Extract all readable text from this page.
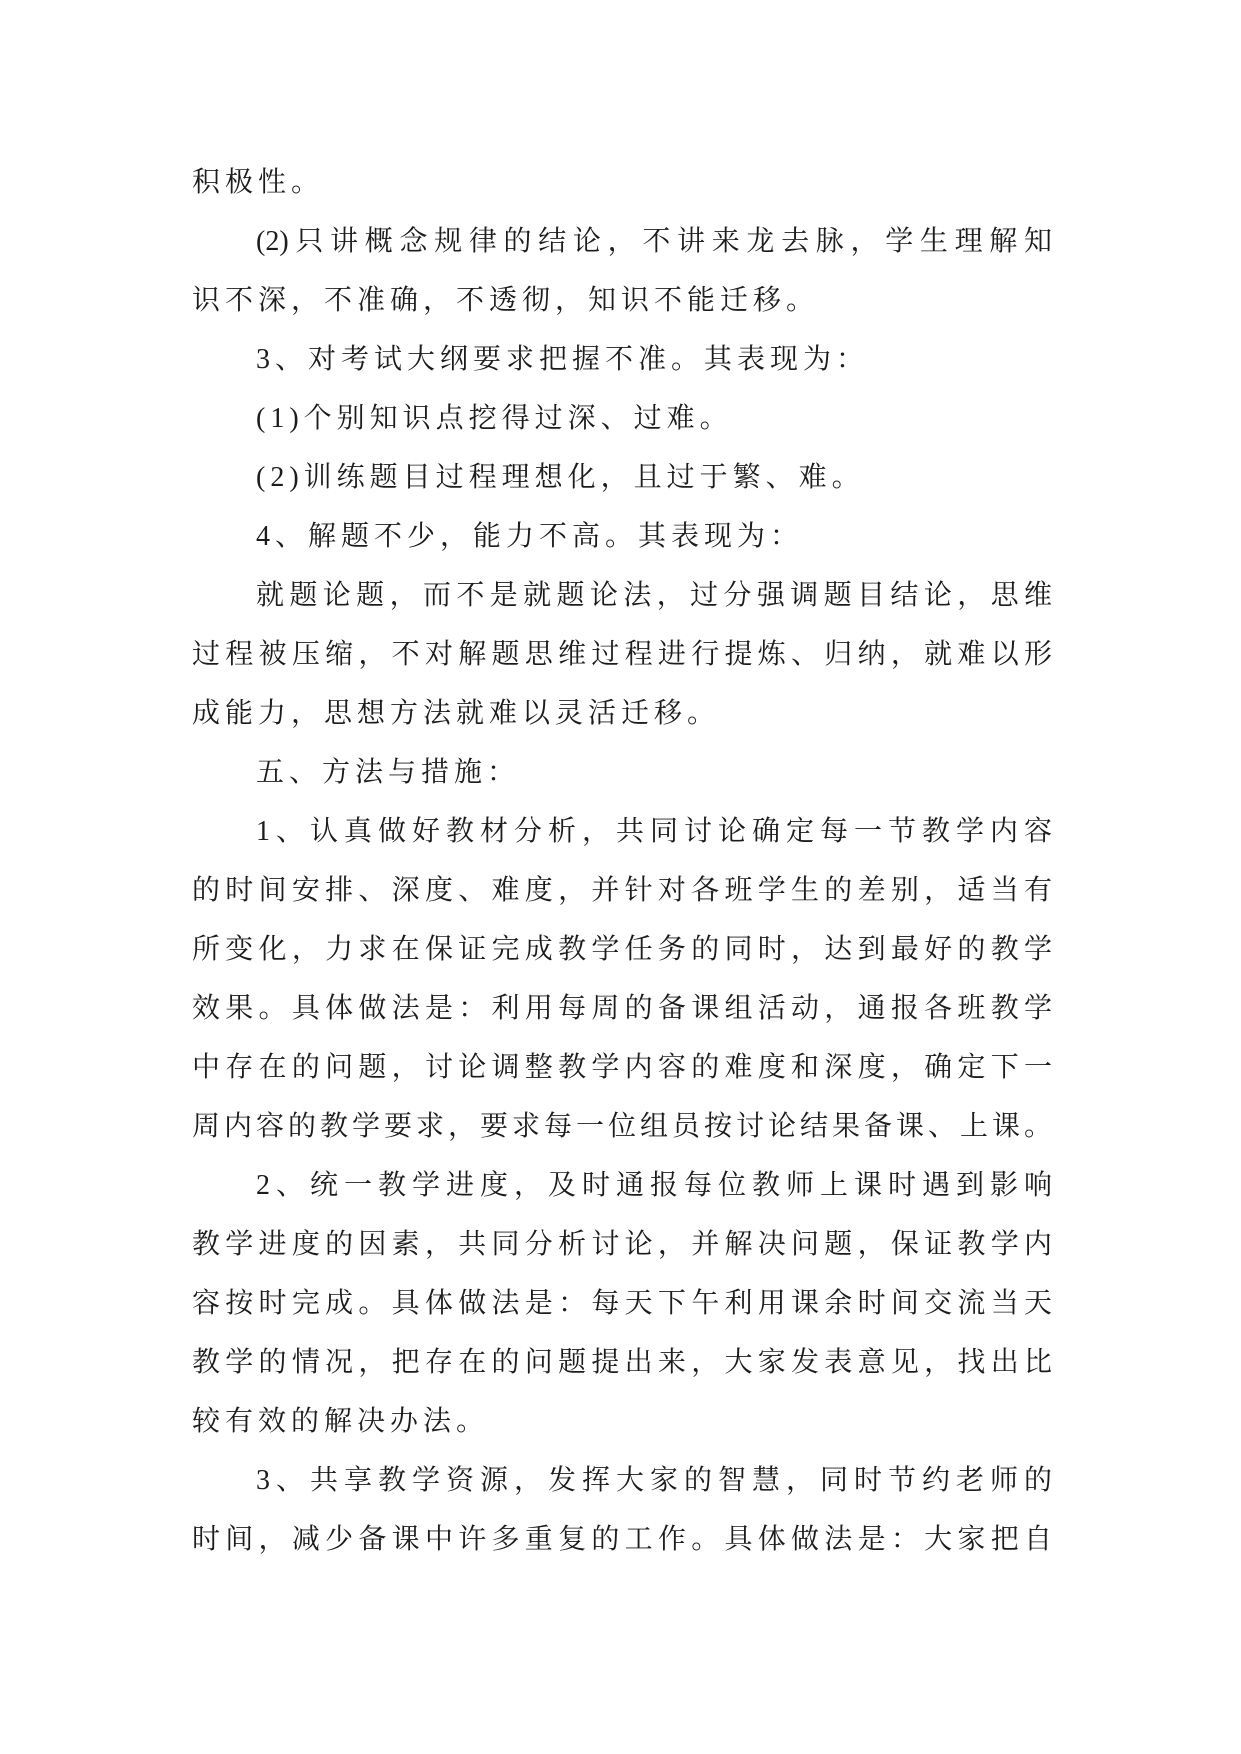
积极性。
(2)只讲概念规律的结论，不讲来龙去脉，学生理解知
识不深，不准确，不透彻，知识不能迁移。
3、对考试大纲要求把握不准。其表现为：
(1)个别知识点挖得过深、过难。
(2)训练题目过程理想化，且过于繁、难。
4、解题不少，能力不高。其表现为：
就题论题，而不是就题论法，过分强调题目结论，思维
过程被压缩，不对解题思维过程进行提炼、归纳，就难以形
成能力，思想方法就难以灵活迁移。
五、方法与措施：
1、认真做好教材分析，共同讨论确定每一节教学内容
的时间安排、深度、难度，并针对各班学生的差别，适当有
所变化，力求在保证完成教学任务的同时，达到最好的教学
效果。具体做法是：利用每周的备课组活动，通报各班教学
中存在的问题，讨论调整教学内容的难度和深度，确定下一
周内容的教学要求，要求每一位组员按讨论结果备课、上课。
2、统一教学进度，及时通报每位教师上课时遇到影响
教学进度的因素，共同分析讨论，并解决问题，保证教学内
容按时完成。具体做法是：每天下午利用课余时间交流当天
教学的情况，把存在的问题提出来，大家发表意见，找出比
较有效的解决办法。
3、共享教学资源，发挥大家的智慧，同时节约老师的
时间，减少备课中许多重复的工作。具体做法是：大家把自
